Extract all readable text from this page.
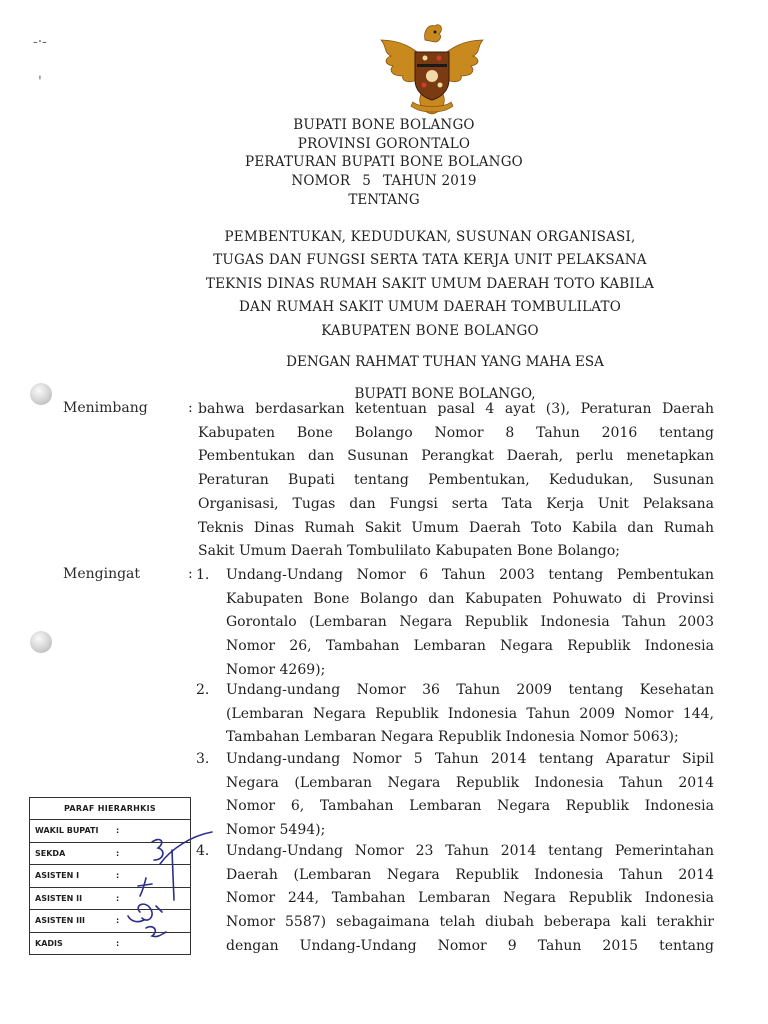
-·-
'
BUPATI BONE BOLANGO
PROVINSI GORONTALO
PERATURAN BUPATI BONE BOLANGO
NOMOR 5 TAHUN 2019
TENTANG
PEMBENTUKAN, KEDUDUKAN, SUSUNAN ORGANISASI,
TUGAS DAN FUNGSI SERTA TATA KERJA UNIT PELAKSANA
TEKNIS DINAS RUMAH SAKIT UMUM DAERAH TOTO KABILA
DAN RUMAH SAKIT UMUM DAERAH TOMBULILATO
KABUPATEN BONE BOLANGO
DENGAN RAHMAT TUHAN YANG MAHA ESA
BUPATI BONE BOLANGO,
Menimbang	: bahwa berdasarkan ketentuan pasal 4 ayat (3), Peraturan Daerah
Kabupaten Bone Bolango Nomor 8 Tahun 2016 tentang
Pembentukan dan Susunan Perangkat Daerah, perlu menetapkan
Peraturan Bupati tentang Pembentukan, Kedudukan, Susunan
Organisasi, Tugas dan Fungsi serta Tata Kerja Unit Pelaksana
Teknis Dinas Rumah Sakit Umum Daerah Toto Kabila dan Rumah
Sakit Umum Daerah Tombulilato Kabupaten Bone Bolango;
Mengingat	: 1.	Undang-Undang Nomor 6 Tahun 2003 tentang Pembentukan
Kabupaten Bone Bolango dan Kabupaten Pohuwato di Provinsi
Gorontalo (Lembaran Negara Republik Indonesia Tahun 2003
Nomor 26, Tambahan Lembaran Negara Republik Indonesia
Nomor 4269);
2.	Undang-undang Nomor 36 Tahun 2009 tentang Kesehatan
(Lembaran Negara Republik Indonesia Tahun 2009 Nomor 144,
Tambahan Lembaran Negara Republik Indonesia Nomor 5063);
3.	Undang-undang Nomor 5 Tahun 2014 tentang Aparatur Sipil
Negara (Lembaran Negara Republik Indonesia Tahun 2014
Nomor 6, Tambahan Lembaran Negara Republik Indonesia
Nomor 5494);
4.	Undang-Undang Nomor 23 Tahun 2014 tentang Pemerintahan
Daerah (Lembaran Negara Republik Indonesia Tahun 2014
Nomor 244, Tambahan Lembaran Negara Republik Indonesia
Nomor 5587) sebagaimana telah diubah beberapa kali terakhir
dengan Undang-Undang Nomor 9 Tahun 2015 tentang
PARAF HIERARHKIS
WAKIL BUPATI :
SEKDA	:
ASISTEN I	:
ASISTEN II	:
ASISTEN III	:
KADIS	:
